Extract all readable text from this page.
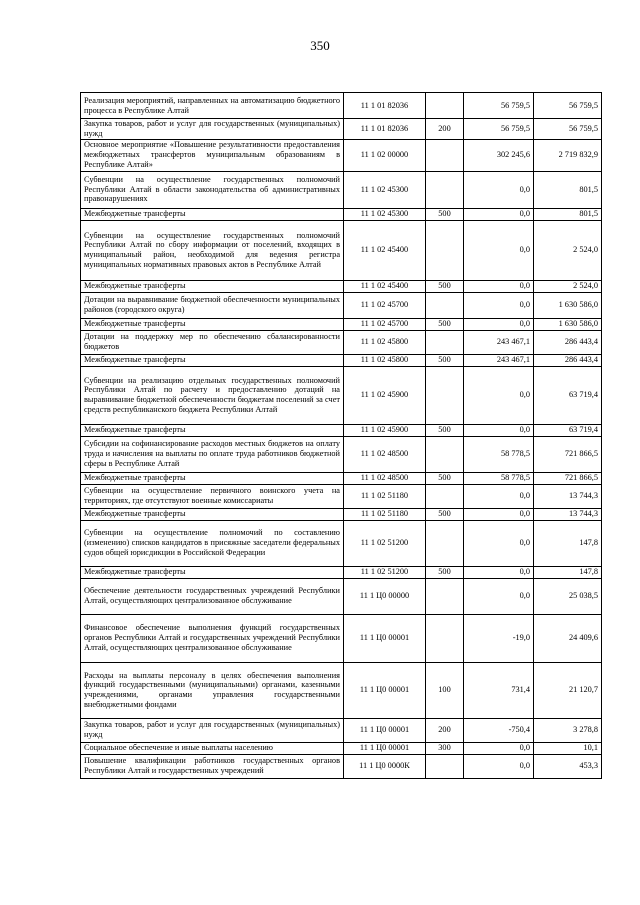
350
Реализация мероприятий, направленных на автоматизацию бюджетного процесса в Республике Алтай	11 1 01 82036		56 759,5	56 759,5
Закупка товаров, работ и услуг для государственных (муниципальных) нужд	11 1 01 82036	200	56 759,5	56 759,5
Основное мероприятие «Повышение результативности предоставления межбюджетных трансфертов муниципальным образованиям в Республике Алтай»	11 1 02 00000		302 245,6	2 719 832,9
Субвенции на осуществление государственных полномочий Республики Алтай в области законодательства об административных правонарушениях	11 1 02 45300		0,0	801,5
Межбюджетные трансферты	11 1 02 45300	500	0,0	801,5
Субвенции на осуществление государственных полномочий Республики Алтай по сбору информации от поселений, входящих в муниципальный район, необходимой для ведения регистра муниципальных нормативных правовых актов в Республике Алтай	11 1 02 45400		0,0	2 524,0
Межбюджетные трансферты	11 1 02 45400	500	0,0	2 524,0
Дотации на выравнивание бюджетной обеспеченности муниципальных районов (городского округа)	11 1 02 45700		0,0	1 630 586,0
Межбюджетные трансферты	11 1 02 45700	500	0,0	1 630 586,0
Дотации на поддержку мер по обеспечению сбалансированности бюджетов	11 1 02 45800		243 467,1	286 443,4
Межбюджетные трансферты	11 1 02 45800	500	243 467,1	286 443,4
Субвенции на реализацию отдельных государственных полномочий Республики Алтай по расчету и предоставлению дотаций на выравнивание бюджетной обеспеченности бюджетам поселений за счет средств республиканского бюджета Республики Алтай	11 1 02 45900		0,0	63 719,4
Межбюджетные трансферты	11 1 02 45900	500	0,0	63 719,4
Субсидии на софинансирование расходов местных бюджетов на оплату труда и начисления на выплаты по оплате труда работников бюджетной сферы в Республике Алтай	11 1 02 48500		58 778,5	721 866,5
Межбюджетные трансферты	11 1 02 48500	500	58 778,5	721 866,5
Субвенции на осуществление первичного воинского учета на территориях, где отсутствуют военные комиссариаты	11 1 02 51180		0,0	13 744,3
Межбюджетные трансферты	11 1 02 51180	500	0,0	13 744,3
Субвенции на осуществление полномочий по составлению (изменению) списков кандидатов в присяжные заседатели федеральных судов общей юрисдикции в Российской Федерации	11 1 02 51200		0,0	147,8
Межбюджетные трансферты	11 1 02 51200	500	0,0	147,8
Обеспечение деятельности государственных учреждений Республики Алтай, осуществляющих централизованное обслуживание	11 1 Ц0 00000		0,0	25 038,5
Финансовое обеспечение выполнения функций государственных органов Республики Алтай и государственных учреждений Республики Алтай, осуществляющих централизованное обслуживание	11 1 Ц0 00001		-19,0	24 409,6
Расходы на выплаты персоналу в целях обеспечения выполнения функций государственными (муниципальными) органами, казенными учреждениями, органами управления государственными внебюджетными фондами	11 1 Ц0 00001	100	731,4	21 120,7
Закупка товаров, работ и услуг для государственных (муниципальных) нужд	11 1 Ц0 00001	200	-750,4	3 278,8
Социальное обеспечение и иные выплаты населению	11 1 Ц0 00001	300	0,0	10,1
Повышение квалификации работников государственных органов Республики Алтай и государственных учреждений	11 1 Ц0 0000К		0,0	453,3
